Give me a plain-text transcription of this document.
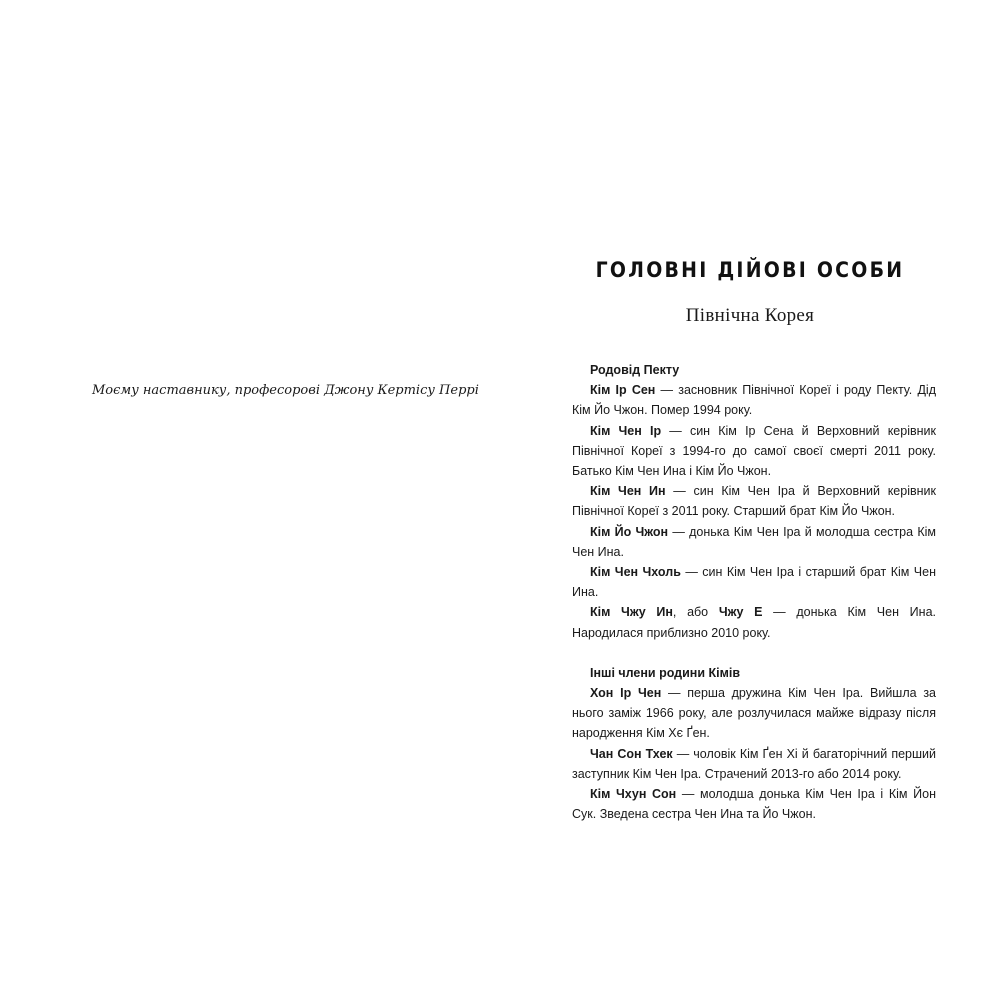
Моєму наставнику, професорові Джону Кертісу Перрі
ГОЛОВНІ ДІЙОВІ ОСОБИ
Північна Корея

Родовід Пекту

Кім Ір Сен — засновник Північної Кореї і роду Пекту. Дід Кім Йо Чжон. Помер 1994 року.

Кім Чен Ір — син Кім Ір Сена й Верховний керівник Північної Кореї з 1994-го до самої своєї смерті 2011 року. Батько Кім Чен Ина і Кім Йо Чжон.

Кім Чен Ин — син Кім Чен Іра й Верховний керівник Північної Кореї з 2011 року. Старший брат Кім Йо Чжон.

Кім Йо Чжон — донька Кім Чен Іра й молодша сестра Кім Чен Ина.

Кім Чен Чхоль — син Кім Чен Іра і старший брат Кім Чен Ина.

Кім Чжу Ин, або Чжу Е — донька Кім Чен Ина. Народилася приблизно 2010 року.

Інші члени родини Кімів

Хон Ір Чен — перша дружина Кім Чен Іра. Вийшла за нього заміж 1966 року, але розлучилася майже відразу після народження Кім Хє Ґен.

Чан Сон Тхек — чоловік Кім Ґен Хі й багаторічний перший заступник Кім Чен Іра. Страчений 2013-го або 2014 року.

Кім Чхун Сон — молодша донька Кім Чен Іра і Кім Йон Сук. Зведена сестра Чен Ина та Йо Чжон.
